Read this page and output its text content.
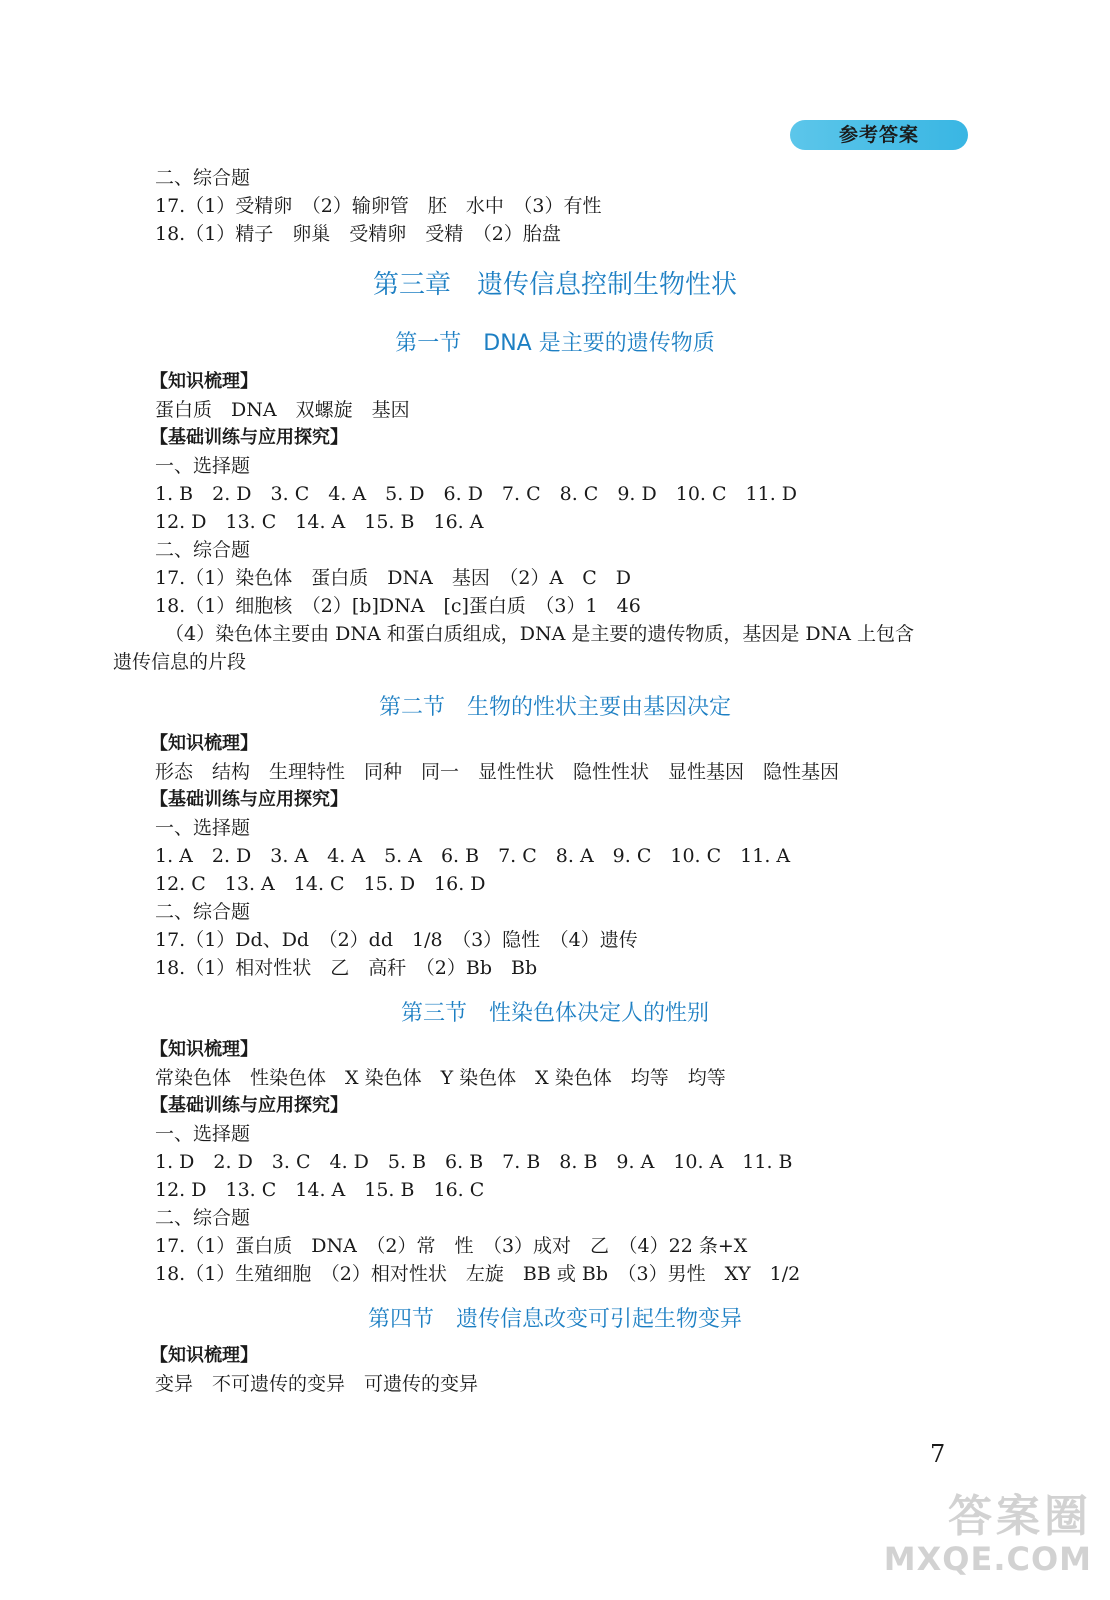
参考答案
二、综合题
17.（1）受精卵　（2）输卵管　胚　水中　（3）有性
18.（1）精子　卵巢　受精卵　受精　（2）胎盘
第三章　遗传信息控制生物性状
第一节　DNA 是主要的遗传物质
【知识梳理】
蛋白质　DNA　双螺旋　基因
【基础训练与应用探究】
一、选择题
1. B　2. D　3. C　4. A　5. D　6. D　7. C　8. C　9. D　10. C　11. D
12. D　13. C　14. A　15. B　16. A
二、综合题
17.（1）染色体　蛋白质　DNA　基因　（2）A　C　D
18.（1）细胞核　（2）[b]DNA　[c]蛋白质　（3）1　46
（4）染色体主要由 DNA 和蛋白质组成，DNA 是主要的遗传物质，基因是 DNA 上包含
遗传信息的片段
第二节　生物的性状主要由基因决定
【知识梳理】
形态　结构　生理特性　同种　同一　显性性状　隐性性状　显性基因　隐性基因
【基础训练与应用探究】
一、选择题
1. A　2. D　3. A　4. A　5. A　6. B　7. C　8. A　9. C　10. C　11. A
12. C　13. A　14. C　15. D　16. D
二、综合题
17.（1）Dd、Dd　（2）dd　1/8　（3）隐性　（4）遗传
18.（1）相对性状　乙　高秆　（2）Bb　Bb
第三节　性染色体决定人的性别
【知识梳理】
常染色体　性染色体　X 染色体　Y 染色体　X 染色体　均等　均等
【基础训练与应用探究】
一、选择题
1. D　2. D　3. C　4. D　5. B　6. B　7. B　8. B　9. A　10. A　11. B
12. D　13. C　14. A　15. B　16. C
二、综合题
17.（1）蛋白质　DNA　（2）常　性　（3）成对　乙　（4）22 条+X
18.（1）生殖细胞　（2）相对性状　左旋　BB 或 Bb　（3）男性　XY　1/2
第四节　遗传信息改变可引起生物变异
【知识梳理】
变异　不可遗传的变异　可遗传的变异
7
答案圈
MXQE.COM
